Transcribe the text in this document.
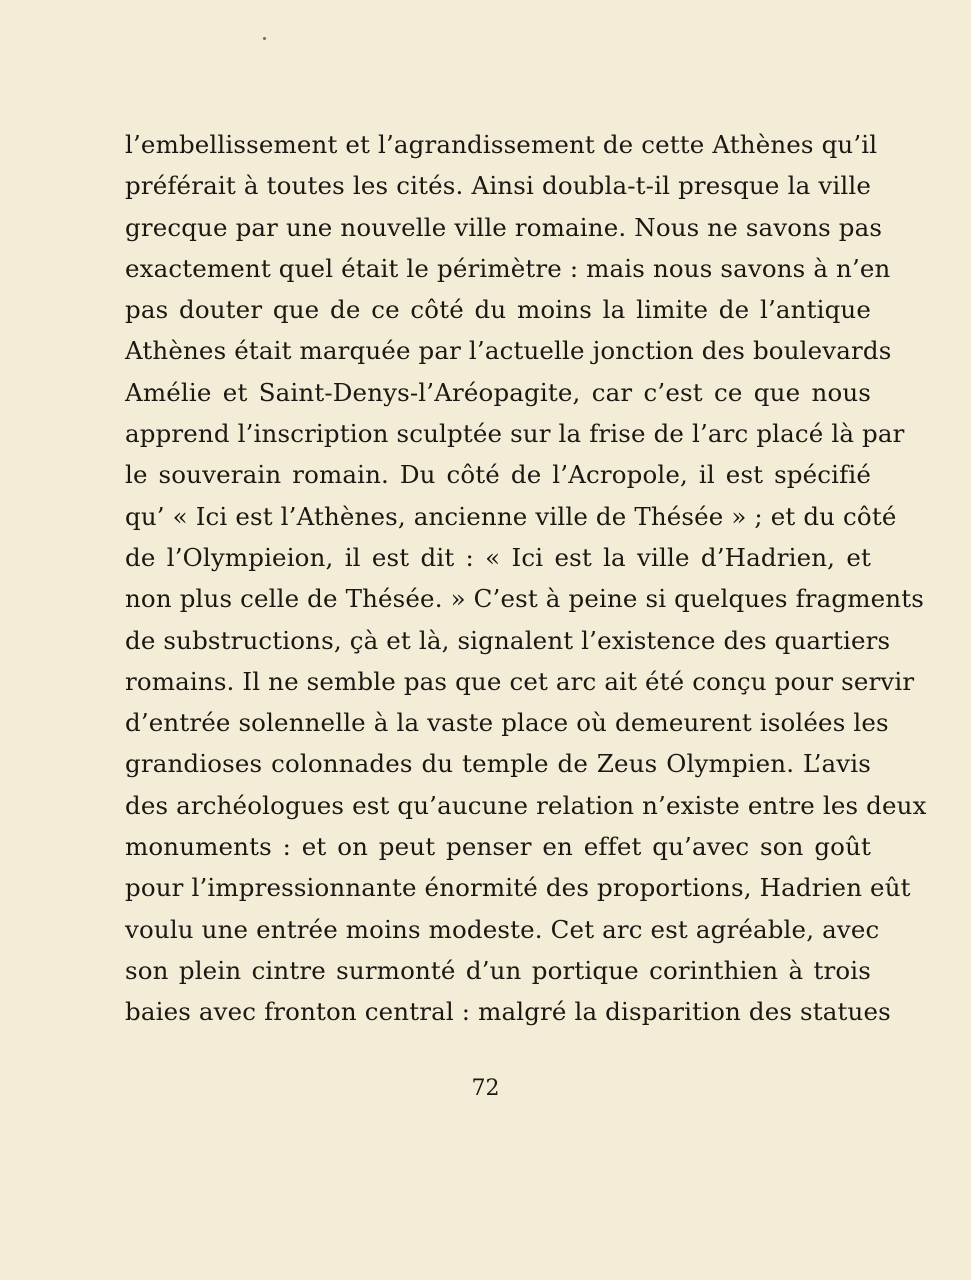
l’embellissement et l’agrandissement de cette Athènes qu’il
préférait à toutes les cités. Ainsi doubla-t-il presque la ville
grecque par une nouvelle ville romaine. Nous ne savons pas
exactement quel était le périmètre : mais nous savons à n’en
pas douter que de ce côté du moins la limite de l’antique
Athènes était marquée par l’actuelle jonction des boulevards
Amélie et Saint-Denys-l’Aréopagite, car c’est ce que nous
apprend l’inscription sculptée sur la frise de l’arc placé là par
le souverain romain. Du côté de l’Acropole, il est spécifié
qu’ « Ici est l’Athènes, ancienne ville de Thésée » ; et du côté
de l’Olympieion, il est dit : « Ici est la ville d’Hadrien, et
non plus celle de Thésée. » C’est à peine si quelques fragments
de substructions, çà et là, signalent l’existence des quartiers
romains. Il ne semble pas que cet arc ait été conçu pour servir
d’entrée solennelle à la vaste place où demeurent isolées les
grandioses colonnades du temple de Zeus Olympien. L’avis
des archéologues est qu’aucune relation n’existe entre les deux
monuments : et on peut penser en effet qu’avec son goût
pour l’impressionnante énormité des proportions, Hadrien eût
voulu une entrée moins modeste. Cet arc est agréable, avec
son plein cintre surmonté d’un portique corinthien à trois
baies avec fronton central : malgré la disparition des statues
72
